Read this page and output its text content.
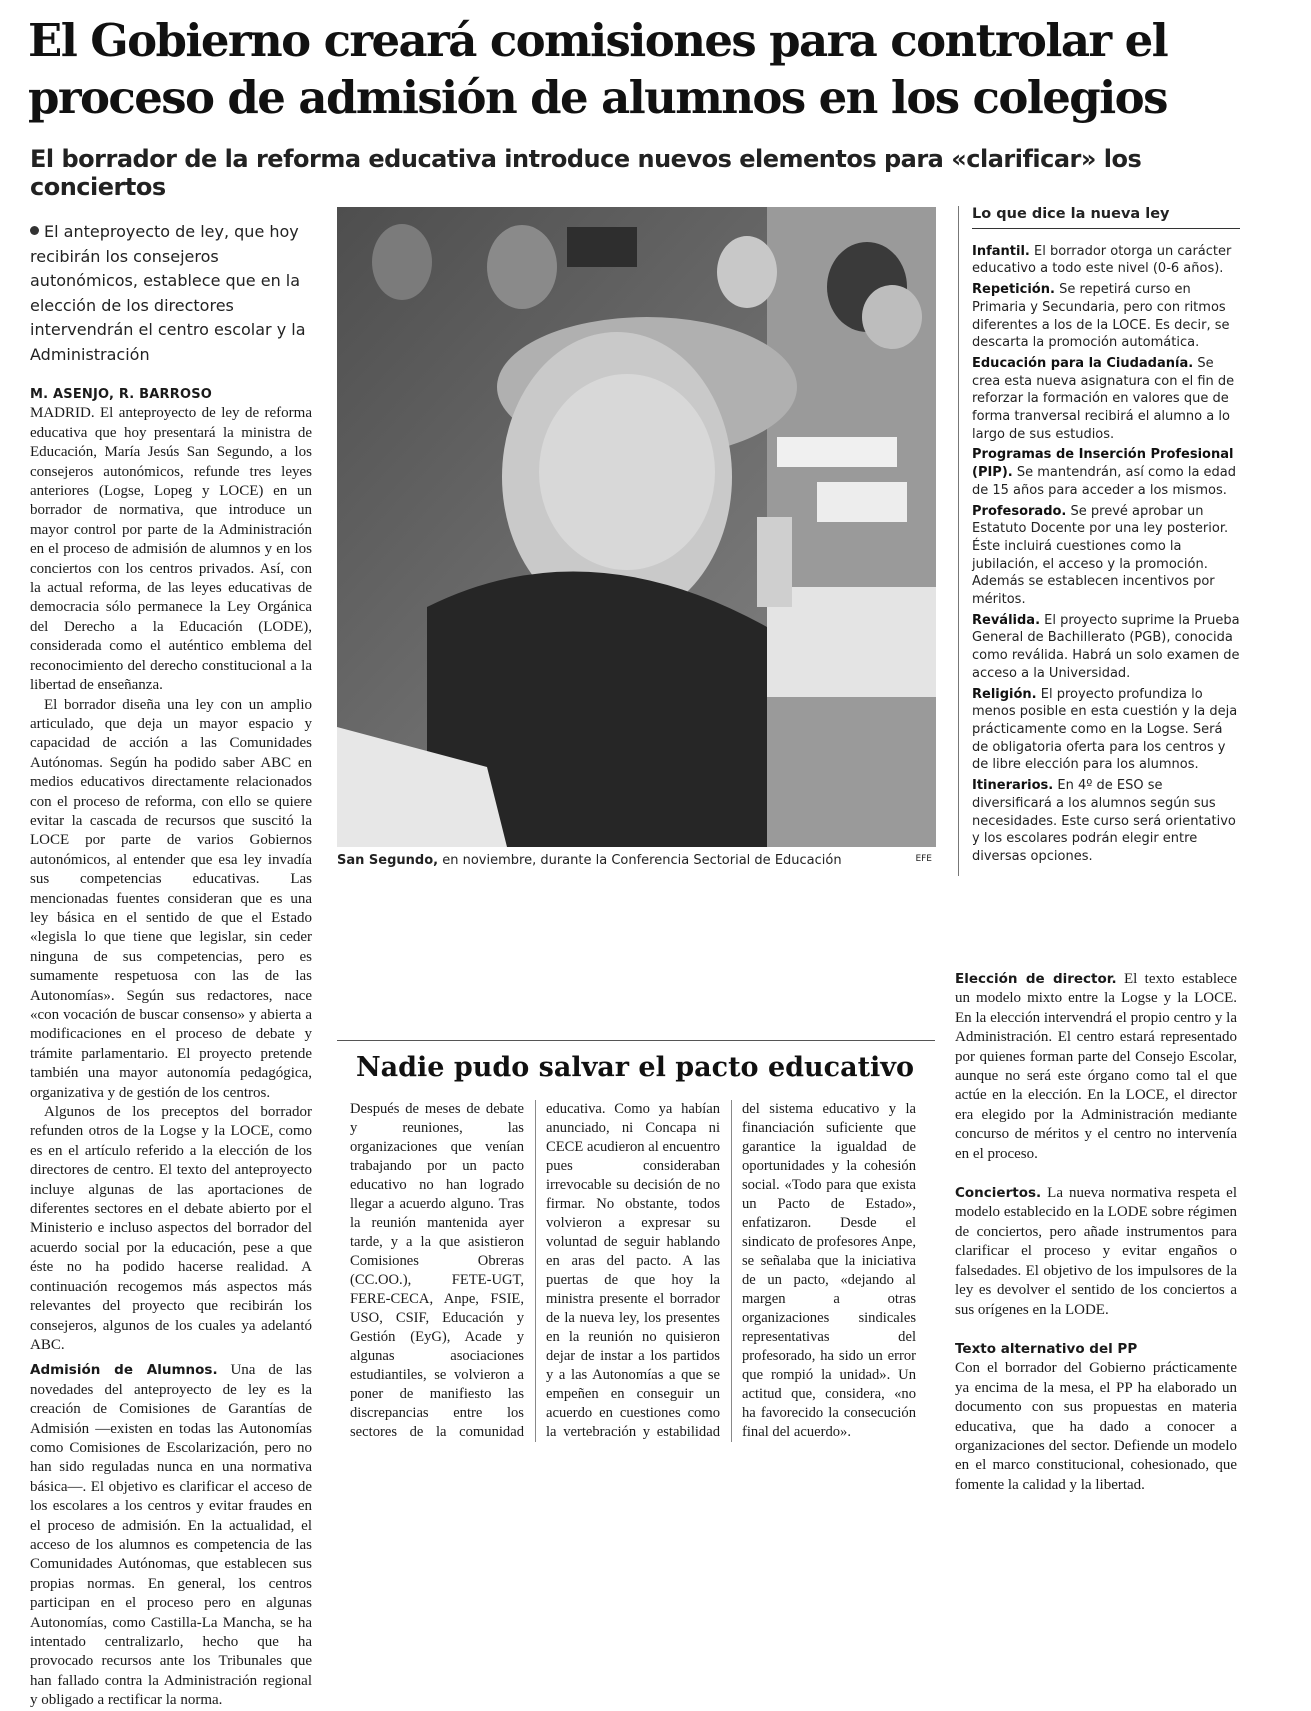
El Gobierno creará comisiones para controlar el proceso de admisión de alumnos en los colegios
El borrador de la reforma educativa introduce nuevos elementos para «clarificar» los conciertos

El anteproyecto de ley, que hoy recibirán los consejeros autonómicos, establece que en la elección de los directores intervendrán el centro escolar y la Administración

M. ASENJO, R. BARROSO

MADRID. El anteproyecto de ley de reforma educativa que hoy presentará la ministra de Educación, María Jesús San Segundo, a los consejeros autonómicos, refunde tres leyes anteriores (Logse, Lopeg y LOCE) en un borrador de normativa, que introduce un mayor control por parte de la Administración en el proceso de admisión de alumnos y en los conciertos con los centros privados. Así, con la actual reforma, de las leyes educativas de democracia sólo permanece la Ley Orgánica del Derecho a la Educación (LODE), considerada como el auténtico emblema del reconocimiento del derecho constitucional a la libertad de enseñanza.

El borrador diseña una ley con un amplio articulado, que deja un mayor espacio y capacidad de acción a las Comunidades Autónomas. Según ha podido saber ABC en medios educativos directamente relacionados con el proceso de reforma, con ello se quiere evitar la cascada de recursos que suscitó la LOCE por parte de varios Gobiernos autonómicos, al entender que esa ley invadía sus competencias educativas. Las mencionadas fuentes consideran que es una ley básica en el sentido de que el Estado «legisla lo que tiene que legislar, sin ceder ninguna de sus competencias, pero es sumamente respetuosa con las de las Autonomías». Según sus redactores, nace «con vocación de buscar consenso» y abierta a modificaciones en el proceso de debate y trámite parlamentario. El proyecto pretende también una mayor autonomía pedagógica, organizativa y de gestión de los centros.

Algunos de los preceptos del borrador refunden otros de la Logse y la LOCE, como es en el artículo referido a la elección de los directores de centro. El texto del anteproyecto incluye algunas de las aportaciones de diferentes sectores en el debate abierto por el Ministerio e incluso aspectos del borrador del acuerdo social por la educación, pese a que éste no ha podido hacerse realidad. A continuación recogemos más aspectos más relevantes del proyecto que recibirán los consejeros, algunos de los cuales ya adelantó ABC.

Admisión de Alumnos. Una de las novedades del anteproyecto de ley es la creación de Comisiones de Garantías de Admisión —existen en todas las Autonomías como Comisiones de Escolarización, pero no han sido reguladas nunca en una normativa básica—. El objetivo es clarificar el acceso de los escolares a los centros y evitar fraudes en el proceso de admisión. En la actualidad, el acceso de los alumnos es competencia de las Comunidades Autónomas, que establecen sus propias normas. En general, los centros participan en el proceso pero en algunas Autonomías, como Castilla-La Mancha, se ha intentado centralizarlo, hecho que ha provocado recursos ante los Tribunales que han fallado contra la Administración regional y obligado a rectificar la norma.

San Segundo, en noviembre, durante la Conferencia Sectorial de Educación	EFE

Lo que dice la nueva ley

Infantil. El borrador otorga un carácter educativo a todo este nivel (0-6 años).

Repetición. Se repetirá curso en Primaria y Secundaria, pero con ritmos diferentes a los de la LOCE. Es decir, se descarta la promoción automática.

Educación para la Ciudadanía. Se crea esta nueva asignatura con el fin de reforzar la formación en valores que de forma tranversal recibirá el alumno a lo largo de sus estudios.

Programas de Inserción Profesional (PIP). Se mantendrán, así como la edad de 15 años para acceder a los mismos.

Profesorado. Se prevé aprobar un Estatuto Docente por una ley posterior. Éste incluirá cuestiones como la jubilación, el acceso y la promoción. Además se establecen incentivos por méritos.

Reválida. El proyecto suprime la Prueba General de Bachillerato (PGB), conocida como reválida. Habrá un solo examen de acceso a la Universidad.

Religión. El proyecto profundiza lo menos posible en esta cuestión y la deja prácticamente como en la Logse. Será de obligatoria oferta para los centros y de libre elección para los alumnos.

Itinerarios. En 4º de ESO se diversificará a los alumnos según sus necesidades. Este curso será orientativo y los escolares podrán elegir entre diversas opciones.

Nadie pudo salvar el pacto educativo
Después de meses de debate y reuniones, las organizaciones que venían trabajando por un pacto educativo no han logrado llegar a acuerdo alguno. Tras la reunión mantenida ayer tarde, y a la que asistieron Comisiones Obreras (CC.OO.), FETE-UGT, FERE-CECA, Anpe, FSIE, USO, CSIF, Educación y Gestión (EyG), Acade y algunas asociaciones estudiantiles, se volvieron a poner de manifiesto las discrepancias entre los sectores de la comunidad educativa. Como ya habían anunciado, ni Concapa ni CECE acudieron al encuentro pues consideraban irrevocable su decisión de no firmar. No obstante, todos volvieron a expresar su voluntad de seguir hablando en aras del pacto. A las puertas de que hoy la ministra presente el borrador de la nueva ley, los presentes en la reunión no quisieron dejar de instar a los partidos y a las Autonomías a que se empeñen en conseguir un acuerdo en cuestiones como la vertebración y estabilidad del sistema educativo y la financiación suficiente que garantice la igualdad de oportunidades y la cohesión social. «Todo para que exista un Pacto de Estado», enfatizaron. Desde el sindicato de profesores Anpe, se señalaba que la iniciativa de un pacto, «dejando al margen a otras organizaciones sindicales representativas del profesorado, ha sido un error que rompió la unidad». Un actitud que, considera, «no ha favorecido la consecución final del acuerdo».

Elección de director. El texto establece un modelo mixto entre la Logse y la LOCE. En la elección intervendrá el propio centro y la Administración. El centro estará representado por quienes forman parte del Consejo Escolar, aunque no será este órgano como tal el que actúe en la elección. En la LOCE, el director era elegido por la Administración mediante concurso de méritos y el centro no intervenía en el proceso.

Conciertos. La nueva normativa respeta el modelo establecido en la LODE sobre régimen de conciertos, pero añade instrumentos para clarificar el proceso y evitar engaños o falsedades. El objetivo de los impulsores de la ley es devolver el sentido de los conciertos a sus orígenes en la LODE.

Texto alternativo del PP

Con el borrador del Gobierno prácticamente ya encima de la mesa, el PP ha elaborado un documento con sus propuestas en materia educativa, que ha dado a conocer a organizaciones del sector. Defiende un modelo en el marco constitucional, cohesionado, que fomente la calidad y la libertad.
